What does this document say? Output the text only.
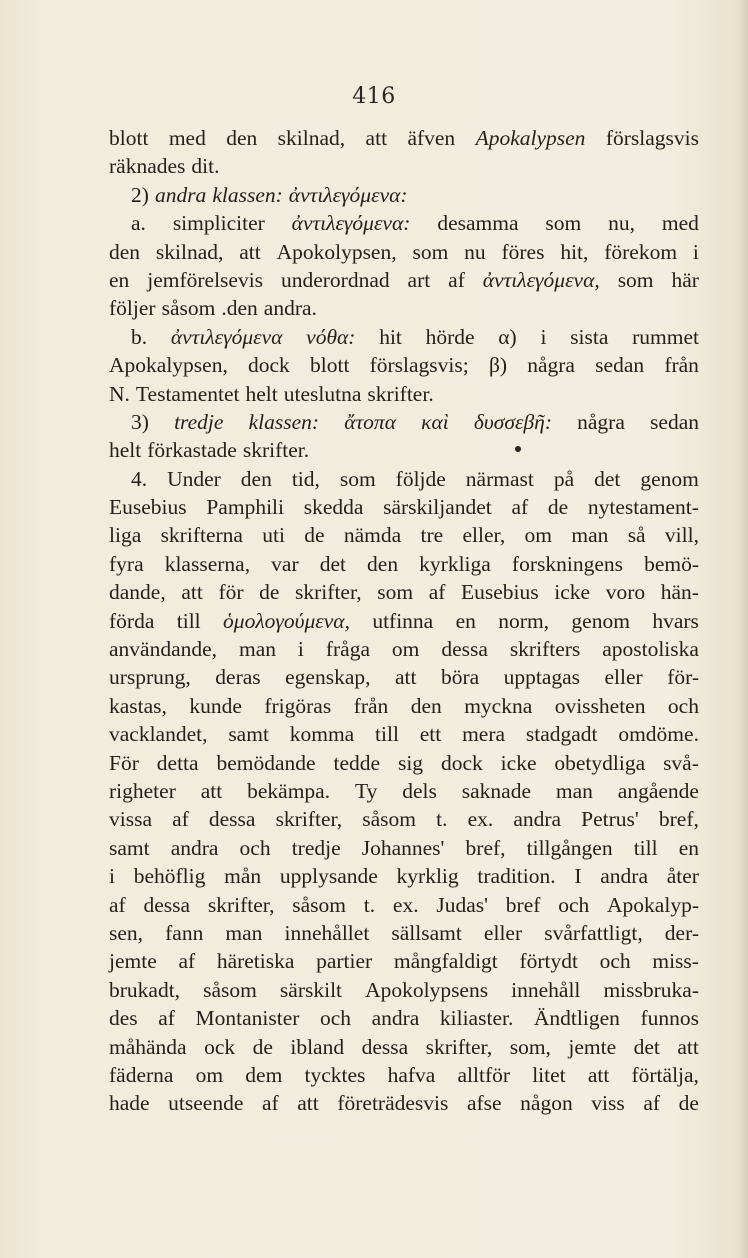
416
blott med den skilnad, att äfven Apokalypsen förslagsvis
räknades dit.
2) andra klassen: ἀντιλεγόμενα:
a. simpliciter ἀντιλεγόμενα: desamma som nu, med
den skilnad, att Apokolypsen, som nu föres hit, förekom i
en jemförelsevis underordnad art af ἀντιλεγόμενα, som här
följer såsom .den andra.
b. ἀντιλεγόμενα νόθα: hit hörde α) i sista rummet
Apokalypsen, dock blott förslagsvis; β) några sedan från
N. Testamentet helt uteslutna skrifter.
3) tredje klassen: ἄτοπα καὶ δυσσεβῆ: några sedan
helt förkastade skrifter.
4. Under den tid, som följde närmast på det genom
Eusebius Pamphili skedda särskiljandet af de nytestament-
liga skrifterna uti de nämda tre eller, om man så vill,
fyra klasserna, var det den kyrkliga forskningens bemö-
dande, att för de skrifter, som af Eusebius icke voro hän-
förda till ὁμολογούμενα, utfinna en norm, genom hvars
användande, man i fråga om dessa skrifters apostoliska
ursprung, deras egenskap, att böra upptagas eller för-
kastas, kunde frigöras från den myckna ovissheten och
vacklandet, samt komma till ett mera stadgadt omdöme.
För detta bemödande tedde sig dock icke obetydliga svå-
righeter att bekämpa. Ty dels saknade man angående
vissa af dessa skrifter, såsom t. ex. andra Petrus' bref,
samt andra och tredje Johannes' bref, tillgången till en
i behöflig mån upplysande kyrklig tradition. I andra åter
af dessa skrifter, såsom t. ex. Judas' bref och Apokalyp-
sen, fann man innehållet sällsamt eller svårfattligt, der-
jemte af häretiska partier mångfaldigt förtydt och miss-
brukadt, såsom särskilt Apokolypsens innehåll missbruka-
des af Montanister och andra kiliaster. Ändtligen funnos
måhända ock de ibland dessa skrifter, som, jemte det att
fäderna om dem tycktes hafva alltför litet att förtälja,
hade utseende af att företrädesvis afse någon viss af de
